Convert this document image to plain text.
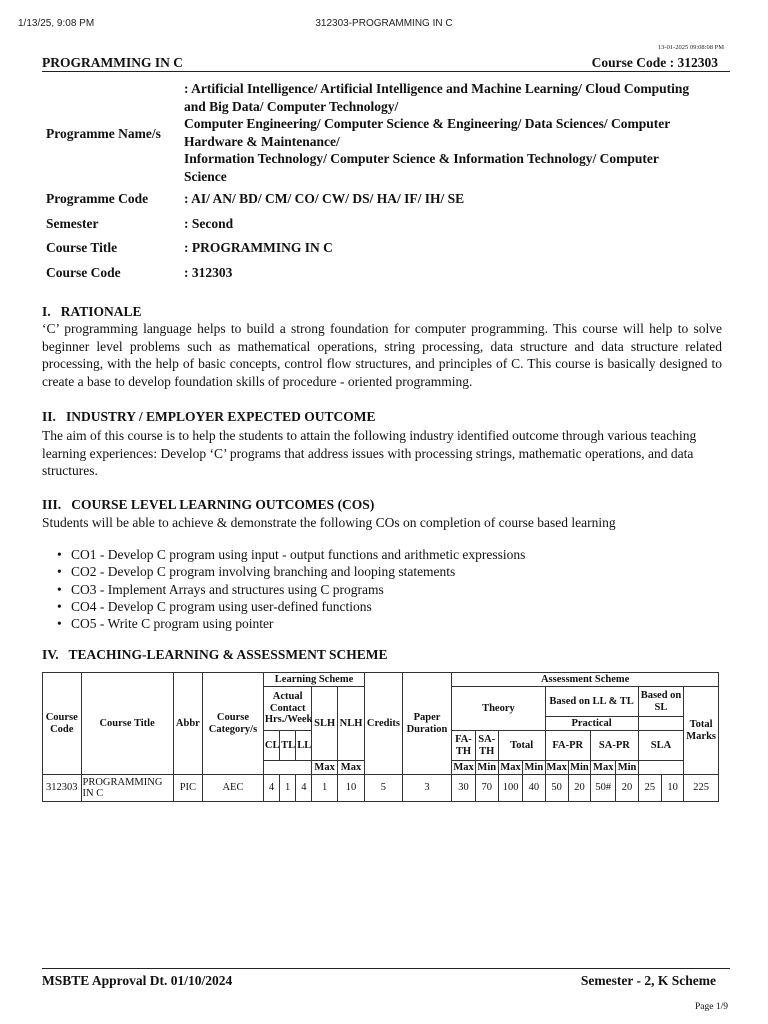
1/13/25, 9:08 PM	312303-PROGRAMMING IN C
13-01-2025 09:08:08 PM
PROGRAMMING IN C	Course Code : 312303
Programme Name/s
: Artificial Intelligence/ Artificial Intelligence and Machine Learning/ Cloud Computing
and Big Data/ Computer Technology/
Computer Engineering/ Computer Science & Engineering/ Data Sciences/ Computer
Hardware & Maintenance/
Information Technology/ Computer Science & Information Technology/ Computer
Science
Programme Code	: AI/ AN/ BD/ CM/ CO/ CW/ DS/ HA/ IF/ IH/ SE
Semester	: Second
Course Title	: PROGRAMMING IN C
Course Code	: 312303
I.   RATIONALE
‘C’ programming language helps to build a strong foundation for computer programming. This course will help to solve beginner level problems such as mathematical operations, string processing, data structure and data structure related processing, with the help of basic concepts, control flow structures, and principles of C. This course is basically designed to create a base to develop foundation skills of procedure - oriented programming.
II.   INDUSTRY / EMPLOYER EXPECTED OUTCOME
The aim of this course is to help the students to attain the following industry identified outcome through various teaching learning experiences: Develop ‘C’ programs that address issues with processing strings, mathematic operations, and data structures.
III.   COURSE LEVEL LEARNING OUTCOMES (COS)
Students will be able to achieve & demonstrate the following COs on completion of course based learning
• CO1 - Develop C program using input - output functions and arithmetic expressions
• CO2 - Develop C program involving branching and looping statements
• CO3 - Implement Arrays and structures using C programs
• CO4 - Develop C program using user-defined functions
• CO5 - Write C program using pointer
IV.   TEACHING-LEARNING & ASSESSMENT SCHEME
Course Code	Course Title	Abbr	Course Category/s	Learning Scheme					Credits	Paper Duration	Assessment Scheme										
				Actual Contact Hrs./Week			SLH	NLH			Theory				Based on LL & TL				Based on SL		Total Marks
															Practical						
				CL	TL	LL					FA-TH	SA-TH	Total		FA-PR		SA-PR		SLA		
							Max	Max			Max	Min	Max	Min	Max	Min	Max	Min			
312303	PROGRAMMING IN C	PIC	AEC	4	1	4	1	10	5	3	30	70	100	40	50	20	50#	20	25	10	225
MSBTE Approval Dt. 01/10/2024	Semester - 2, K Scheme
Page 1/9
